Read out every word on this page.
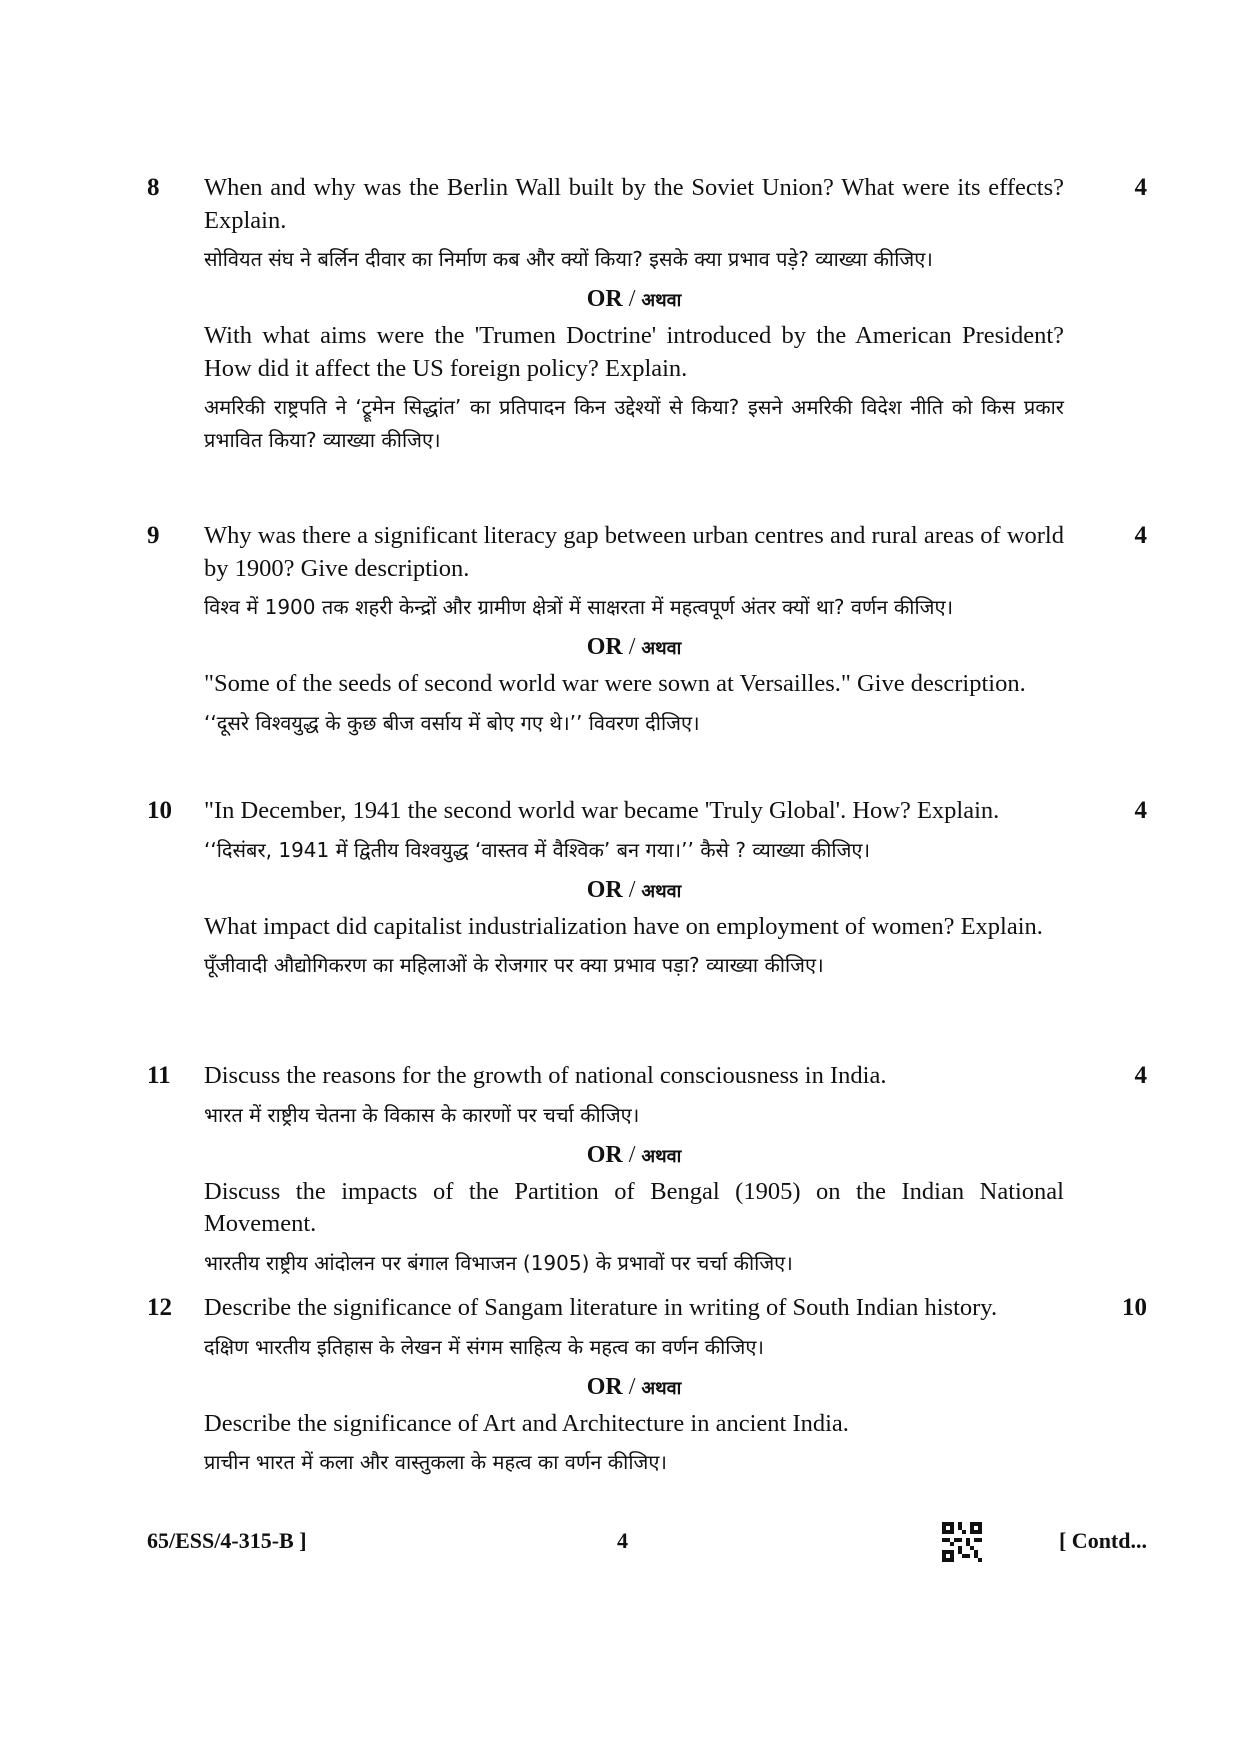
8	4

When and why was the Berlin Wall built by the Soviet Union? What were its effects? Explain.

सोवियत संघ ने बर्लिन दीवार का निर्माण कब और क्यों किया? इसके क्या प्रभाव पड़े? व्याख्या कीजिए।

OR / अथवा

With what aims were the 'Trumen Doctrine' introduced by the American President? How did it affect the US foreign policy? Explain.

अमरिकी राष्ट्रपति ने ‘ट्रूमेन सिद्धांत’ का प्रतिपादन किन उद्देश्यों से किया? इसने अमरिकी विदेश नीति को किस प्रकार प्रभावित किया? व्याख्या कीजिए।

9	4

Why was there a significant literacy gap between urban centres and rural areas of world by 1900? Give description.

विश्व में 1900 तक शहरी केन्द्रों और ग्रामीण क्षेत्रों में साक्षरता में महत्वपूर्ण अंतर क्यों था? वर्णन कीजिए।

OR / अथवा

"Some of the seeds of second world war were sown at Versailles." Give description.

‘‘दूसरे विश्वयुद्ध के कुछ बीज वर्साय में बोए गए थे।’’ विवरण दीजिए।

10	4

"In December, 1941 the second world war became 'Truly Global'. How? Explain.

‘‘दिसंबर, 1941 में द्वितीय विश्वयुद्ध ‘वास्तव में वैश्विक’ बन गया।’’ कैसे ? व्याख्या कीजिए।

OR / अथवा

What impact did capitalist industrialization have on employment of women? Explain.

पूँजीवादी औद्योगिकरण का महिलाओं के रोजगार पर क्या प्रभाव पड़ा? व्याख्या कीजिए।

11	4

Discuss the reasons for the growth of national consciousness in India.

भारत में राष्ट्रीय चेतना के विकास के कारणों पर चर्चा कीजिए।

OR / अथवा

Discuss the impacts of the Partition of Bengal (1905) on the Indian National Movement.

भारतीय राष्ट्रीय आंदोलन पर बंगाल विभाजन (1905) के प्रभावों पर चर्चा कीजिए।

12	10

Describe the significance of Sangam literature in writing of South Indian history.

दक्षिण भारतीय इतिहास के लेखन में संगम साहित्य के महत्व का वर्णन कीजिए।

OR / अथवा

Describe the significance of Art and Architecture in ancient India.

प्राचीन भारत में कला और वास्तुकला के महत्व का वर्णन कीजिए।

65/ESS/4-315-B ]	4	[ Contd...
